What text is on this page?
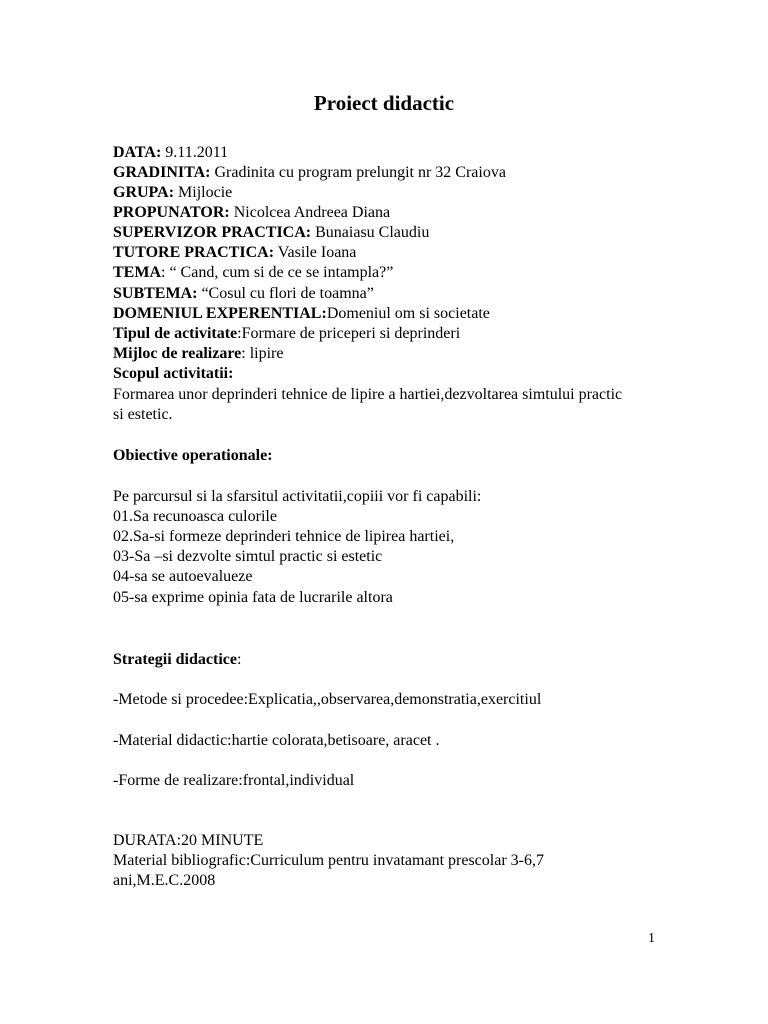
Proiect didactic
DATA: 9.11.2011
GRADINITA: Gradinita cu program prelungit nr 32 Craiova
GRUPA: Mijlocie
PROPUNATOR: Nicolcea Andreea Diana
SUPERVIZOR PRACTICA: Bunaiasu Claudiu
TUTORE PRACTICA: Vasile Ioana
TEMA: “ Cand, cum si de ce se intampla?”
SUBTEMA: “Cosul cu flori de toamna”
DOMENIUL EXPERENTIAL:Domeniul om si societate
Tipul de activitate:Formare de priceperi si deprinderi
Mijloc de realizare: lipire
Scopul activitatii:
Formarea unor deprinderi tehnice de lipire a hartiei,dezvoltarea simtului practic si estetic.
Obiective operationale:
Pe parcursul si la sfarsitul activitatii,copiii vor fi capabili:
01.Sa recunoasca culorile
02.Sa-si formeze deprinderi tehnice de lipirea hartiei,
03-Sa –si dezvolte simtul practic si estetic
04-sa se autoevalueze
05-sa exprime opinia fata de lucrarile altora
Strategii didactice:
-Metode si procedee:Explicatia,,observarea,demonstratia,exercitiul
-Material didactic:hartie colorata,betisoare, aracet .
-Forme de realizare:frontal,individual
DURATA:20 MINUTE
Material bibliografic:Curriculum pentru invatamant prescolar 3-6,7 ani,M.E.C.2008
1
